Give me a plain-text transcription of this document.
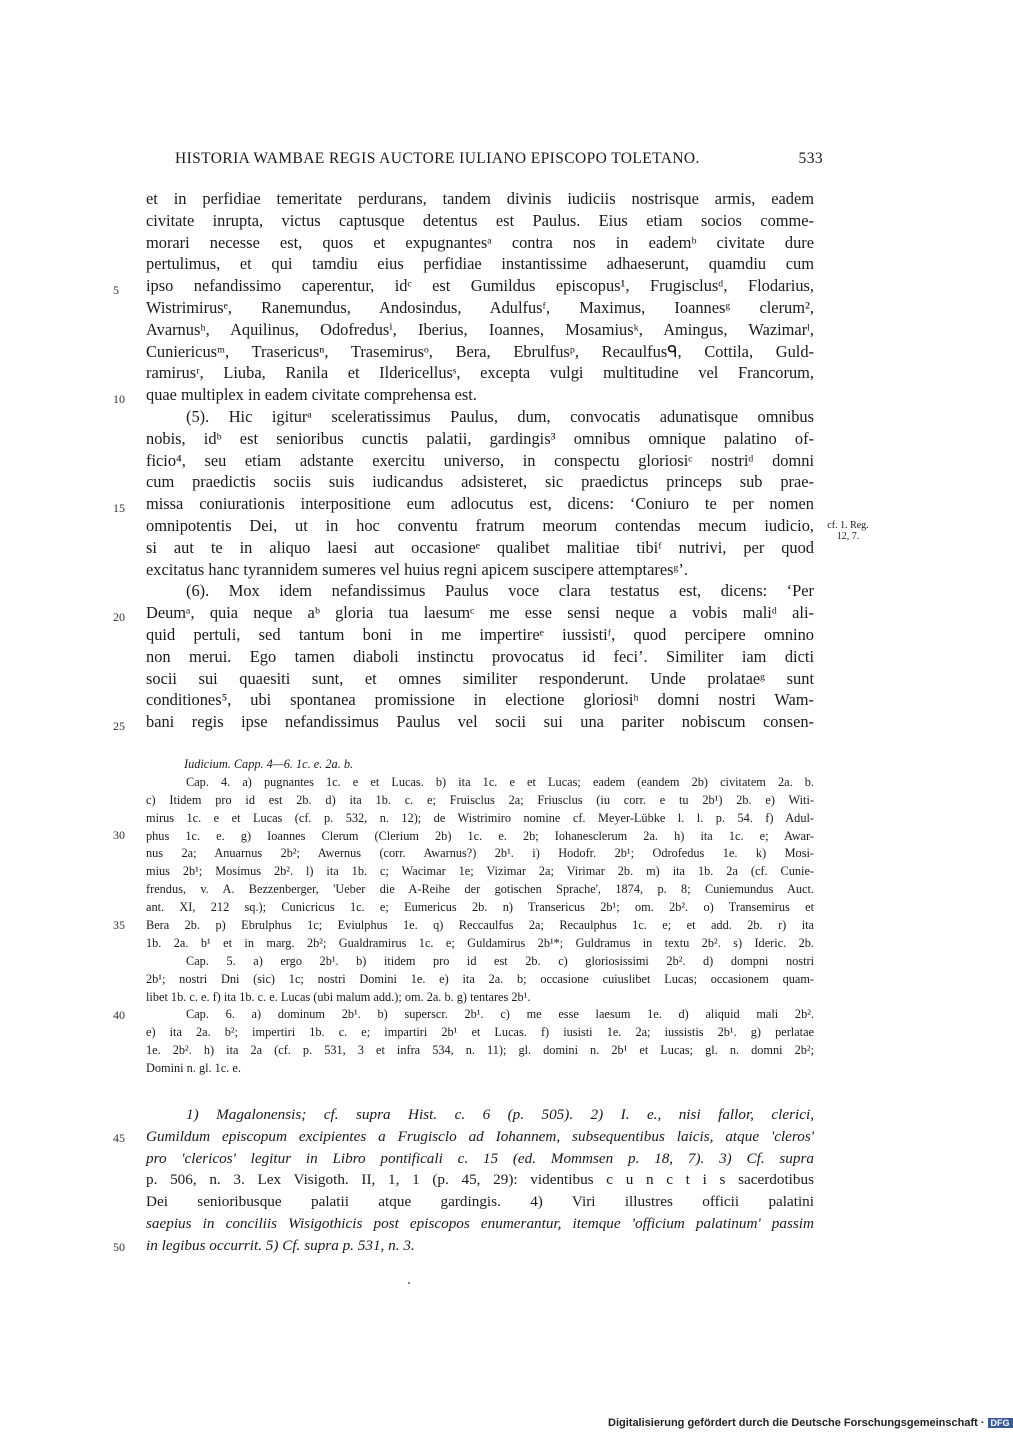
HISTORIA WAMBAE REGIS AUCTORE IULIANO EPISCOPO TOLETANO.	533
et in perfidiae temeritate perdurans, tandem divinis iudiciis nostrisque armis, eadem
civitate inrupta, victus captusque detentus est Paulus. Eius etiam socios comme-
morari necesse est, quos et expugnantesᵃ contra nos in eademᵇ civitate dure
pertulimus, et qui tamdiu eius perfidiae instantissime adhaeserunt, quamdiu cum
ipso nefandissimo caperentur, idᶜ est Gumildus episcopus¹, Frugisclusᵈ, Flodarius,
Wistrimirusᵉ, Ranemundus, Andosindus, Adulfusᶠ, Maximus, Ioannesᵍ clerum²,
Avarnusʰ, Aquilinus, Odofredusⁱ, Iberius, Ioannes, Mosamiusᵏ, Amingus, Wazimarˡ,
Cuniericusᵐ, Trasericusⁿ, Trasemirusᵒ, Bera, Ebrulfusᵖ, Recaulfusᑫ, Cottila, Guld-
ramirusʳ, Liuba, Ranila et Ildericellusˢ, excepta vulgi multitudine vel Francorum,
quae multiplex in eadem civitate comprehensa est.
(5). Hic igiturᵃ sceleratissimus Paulus, dum, convocatis adunatisque omnibus
nobis, idᵇ est senioribus cunctis palatii, gardingis³ omnibus omnique palatino of-
ficio⁴, seu etiam adstante exercitu universo, in conspectu gloriosiᶜ nostriᵈ domni
cum praedictis sociis suis iudicandus adsisteret, sic praedictus princeps sub prae-
missa coniurationis interpositione eum adlocutus est, dicens: ‘Coniuro te per nomen
omnipotentis Dei, ut in hoc conventu fratrum meorum contendas mecum iudicio,
si aut te in aliquo laesi aut occasioneᵉ qualibet malitiae tibiᶠ nutrivi, per quod
excitatus hanc tyrannidem sumeres vel huius regni apicem suscipere attemptaresᵍ’.
(6). Mox idem nefandissimus Paulus voce clara testatus est, dicens: ‘Per
Deumᵃ, quia neque aᵇ gloria tua laesumᶜ me esse sensi neque a vobis maliᵈ ali-
quid pertuli, sed tantum boni in me impertireᵉ iussistiᶠ, quod percipere omnino
non merui. Ego tamen diaboli instinctu provocatus id feci’. Similiter iam dicti
socii sui quaesiti sunt, et omnes similiter responderunt. Unde prolataeᵍ sunt
conditiones⁵, ubi spontanea promissione in electione gloriosiʰ domni nostri Wam-
bani regis ipse nefandissimus Paulus vel socii sui una pariter nobiscum consen-
cf. 1. Reg.
12, 7.
Iudicium. Capp. 4—6. 1c. e. 2a. b.
Cap. 4. a) pugnantes 1c. e et Lucas. b) ita 1c. e et Lucas; eadem (eandem 2b) civitatem 2a. b.
c) Itidem pro id est 2b. d) ita 1b. c. e; Fruisclus 2a; Friusclus (iu corr. e tu 2b¹) 2b. e) Witi-
mirus 1c. e et Lucas (cf. p. 532, n. 12); de Wistrimiro nomine cf. Meyer-Lübke l. l. p. 54. f) Adul-
phus 1c. e. g) Ioannes Clerum (Clerium 2b) 1c. e. 2b; Iohanesclerum 2a. h) ita 1c. e; Awar-
nus 2a; Anuarnus 2b²; Awernus (corr. Awarnus?) 2b¹. i) Hodofr. 2b¹; Odrofedus 1e. k) Mosi-
mius 2b¹; Mosimus 2b². l) ita 1b. c; Wacimar 1e; Vizimar 2a; Virimar 2b. m) ita 1b. 2a (cf. Cunie-
frendus, v. A. Bezzenberger, 'Ueber die A-Reihe der gotischen Sprache', 1874, p. 8; Cuniemundus Auct.
ant. XI, 212 sq.); Cunicricus 1c. e; Eumericus 2b. n) Transericus 2b¹; om. 2b². o) Transemirus et
Bera 2b. p) Ebrulphus 1c; Eviulphus 1e. q) Reccaulfus 2a; Recaulphus 1c. e; et add. 2b. r) ita
1b. 2a. b¹ et in marg. 2b²; Gualdramirus 1c. e; Guldamirus 2b¹*; Guldramus in textu 2b². s) Ideric. 2b.
Cap. 5. a) ergo 2b¹. b) itidem pro id est 2b. c) gloriosissimi 2b². d) dompni nostri
2b¹; nostri Dni (sic) 1c; nostri Domini 1e. e) ita 2a. b; occasione cuiuslibet Lucas; occasionem quam-
libet 1b. c. e. f) ita 1b. c. e. Lucas (ubi malum add.); om. 2a. b. g) tentares 2b¹.
Cap. 6. a) dominum 2b¹. b) superscr. 2b¹. c) me esse laesum 1e. d) aliquid mali 2b².
e) ita 2a. b²; impertiri 1b. c. e; impartiri 2b¹ et Lucas. f) iusisti 1e. 2a; iussistis 2b¹. g) perlatae
1e. 2b². h) ita 2a (cf. p. 531, 3 et infra 534, n. 11); gl. domini n. 2b¹ et Lucas; gl. n. domni 2b²;
Domini n. gl. 1c. e.
1) Magalonensis; cf. supra Hist. c. 6 (p. 505). 2) I. e., nisi fallor, clerici,
Gumildum episcopum excipientes a Frugisclo ad Iohannem, subsequentibus laicis, atque 'cleros'
pro 'clericos' legitur in Libro pontificali c. 15 (ed. Mommsen p. 18, 7). 3) Cf. supra
p. 506, n. 3. Lex Visigoth. II, 1, 1 (p. 45, 29): videntibus c u n c t i s sacerdotibus
Dei senioribusque palatii atque gardingis. 4) Viri illustres officii palatini
saepius in conciliis Wisigothicis post episcopos enumerantur, itemque 'officium palatinum' passim
in legibus occurrit. 5) Cf. supra p. 531, n. 3.
5
10
15
20
25
30
35
40
45
50
Digitalisierung gefördert durch die Deutsche Forschungsgemeinschaft · DFG
